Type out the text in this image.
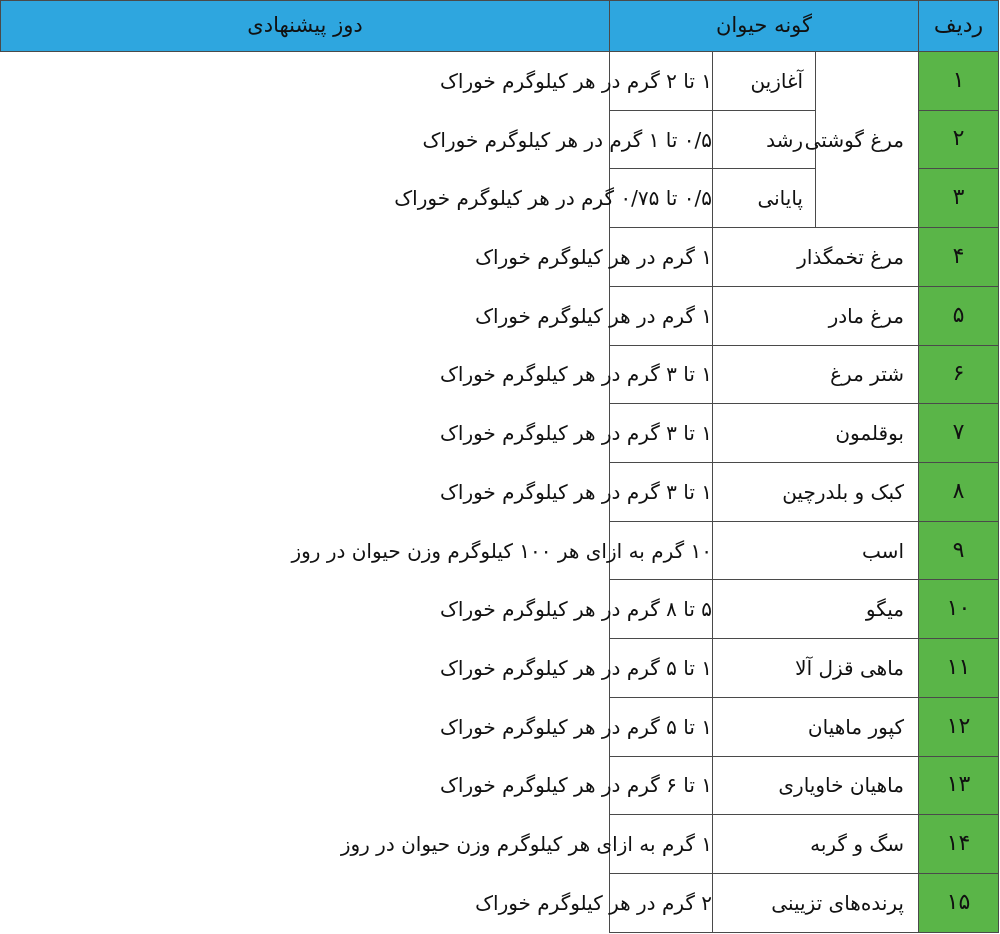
ردیف	گونه حیوان			دوز پیشنهادی
۱	مرغ گوشتی	آغازین	۱ تا ۲ گرم در هر کیلوگرم خوراک	
۲		رشد	۰/۵ تا ۱ گرم در هر کیلوگرم خوراک	
۳		پایانی	۰/۵ تا ۰/۷۵ گرم در هر کیلوگرم خوراک	
۴	مرغ تخمگذار		۱ گرم در هر کیلوگرم خوراک	
۵	مرغ مادر		۱ گرم در هر کیلوگرم خوراک	
۶	شتر مرغ		۱ تا ۳ گرم در هر کیلوگرم خوراک	
۷	بوقلمون		۱ تا ۳ گرم در هر کیلوگرم خوراک	
۸	کبک و بلدرچین		۱ تا ۳ گرم در هر کیلوگرم خوراک	
۹	اسب		۱۰ گرم به ازای هر ۱۰۰ کیلوگرم وزن حیوان در روز	
۱۰	میگو		۵ تا ۸ گرم در هر کیلوگرم خوراک	
۱۱	ماهی قزل آلا		۱ تا ۵ گرم در هر کیلوگرم خوراک	
۱۲	کپور ماهیان		۱ تا ۵ گرم در هر کیلوگرم خوراک	
۱۳	ماهیان خاویاری		۱ تا ۶ گرم در هر کیلوگرم خوراک	
۱۴	سگ و گربه		۱ گرم به ازای هر کیلوگرم وزن حیوان در روز	
۱۵	پرنده‌های تزیینی		۲ گرم در هر کیلوگرم خوراک	
